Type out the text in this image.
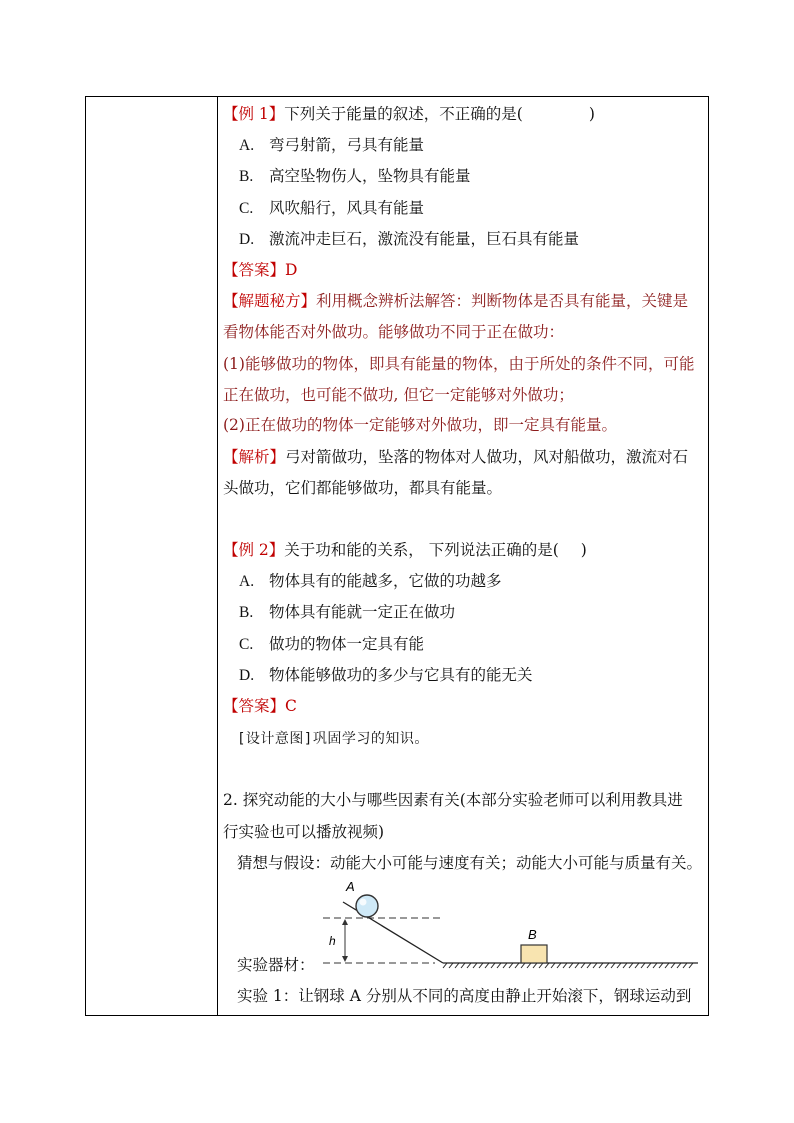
【例 1】下列关于能量的叙述，不正确的是(	)
A. 弯弓射箭，弓具有能量
B. 高空坠物伤人，坠物具有能量
C. 风吹船行，风具有能量
D. 激流冲走巨石，激流没有能量，巨石具有能量
【答案】D
【解题秘方】利用概念辨析法解答：判断物体是否具有能量，关键是
看物体能否对外做功。能够做功不同于正在做功：
(1)能够做功的物体，即具有能量的物体，由于所处的条件不同，可能
正在做功，也可能不做功, 但它一定能够对外做功；
(2)正在做功的物体一定能够对外做功，即一定具有能量。
【解析】弓对箭做功，坠落的物体对人做功，风对船做功，激流对石
头做功，它们都能够做功，都具有能量。
【例 2】关于功和能的关系， 下列说法正确的是( )
A. 物体具有的能越多，它做的功越多
B. 物体具有能就一定正在做功
C. 做功的物体一定具有能
D. 物体能够做功的多少与它具有的能无关
【答案】C
[设计意图]巩固学习的知识。
2. 探究动能的大小与哪些因素有关(本部分实验老师可以利用教具进
行实验也可以播放视频)
猜想与假设：动能大小可能与速度有关；动能大小可能与质量有关。
h
A
B
实验器材：
实验 1：让钢球 A 分别从不同的高度由静止开始滚下，钢球运动到
